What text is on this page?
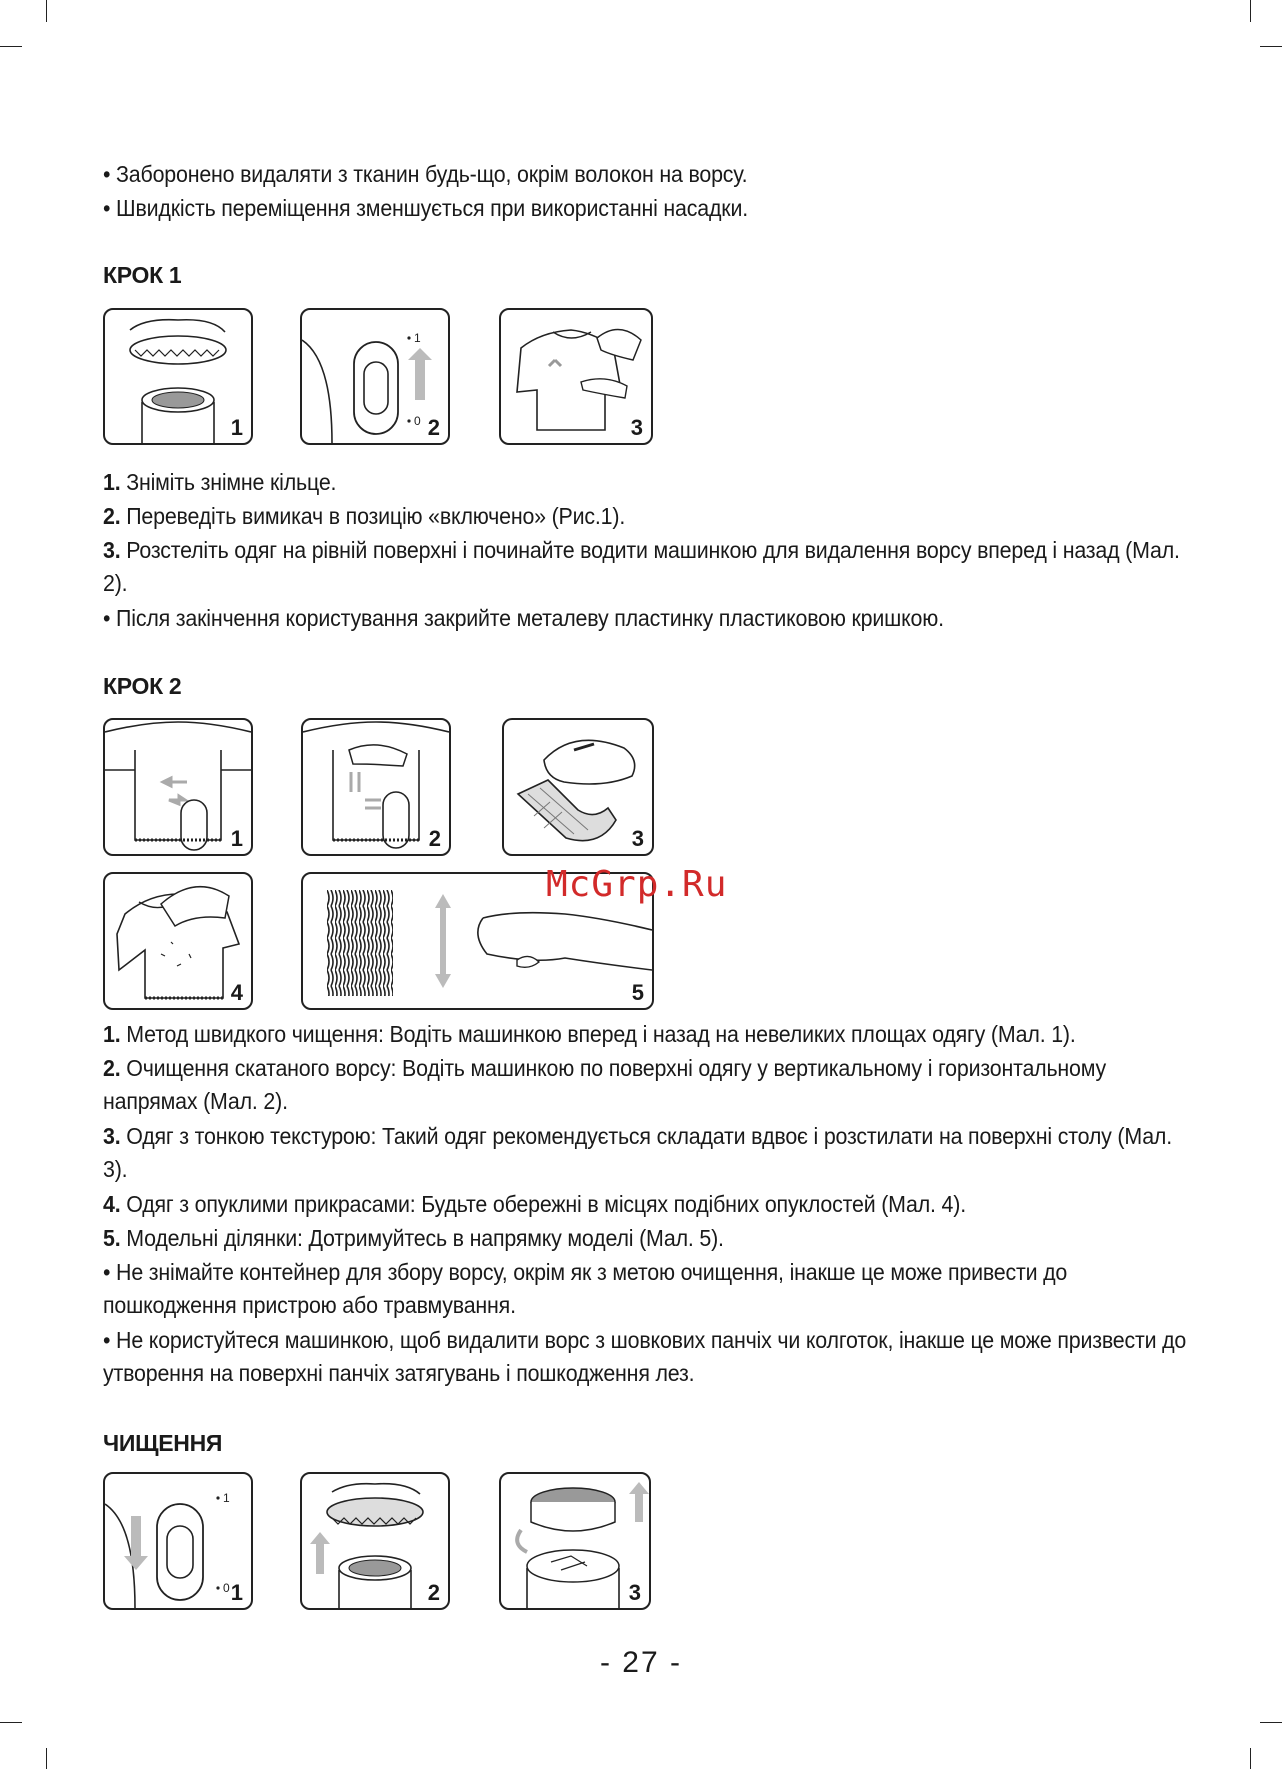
• Заборонено видаляти з тканин будь-що, окрім волокон на ворсу.
• Швидкість переміщення зменшується при використанні насадки.
КРОК 1
1
1
0 2	3
1. Зніміть знімне кільце.
2. Переведіть вимикач в позицію «включено» (Рис.1).
3. Розстеліть одяг на рівній поверхні і починайте водити машинкою для видалення ворсу вперед і назад (Мал. 2).
• Після закінчення користування закрийте металеву пластинку пластиковою кришкою.
КРОК 2
1	2	3
4	5
McGrp.Ru
1. Метод швидкого чищення: Водіть машинкою вперед і назад на невеликих площах одягу (Мал. 1).
2. Очищення скатаного ворсу: Водіть машинкою по поверхні одягу у вертикальному і горизонтальному напрямах (Мал. 2).
3. Одяг з тонкою текстурою: Такий одяг рекомендується складати вдвоє і розстилати на поверхні столу (Мал. 3).
4. Одяг з опуклими прикрасами: Будьте обережні в місцях подібних опуклостей (Мал. 4).
5. Модельні ділянки: Дотримуйтесь в напрямку моделі (Мал. 5).
• Не знімайте контейнер для збору ворсу, окрім як з метою очищення, інакше це може привести до пошкодження пристрою або травмування.
• Не користуйтеся машинкою, щоб видалити ворс з шовкових панчіх чи колготок, інакше це може призвести до утворення на поверхні панчіх затягувань і пошкодження лез.
ЧИЩЕННЯ
1
0 1	2	3
- 27 -
